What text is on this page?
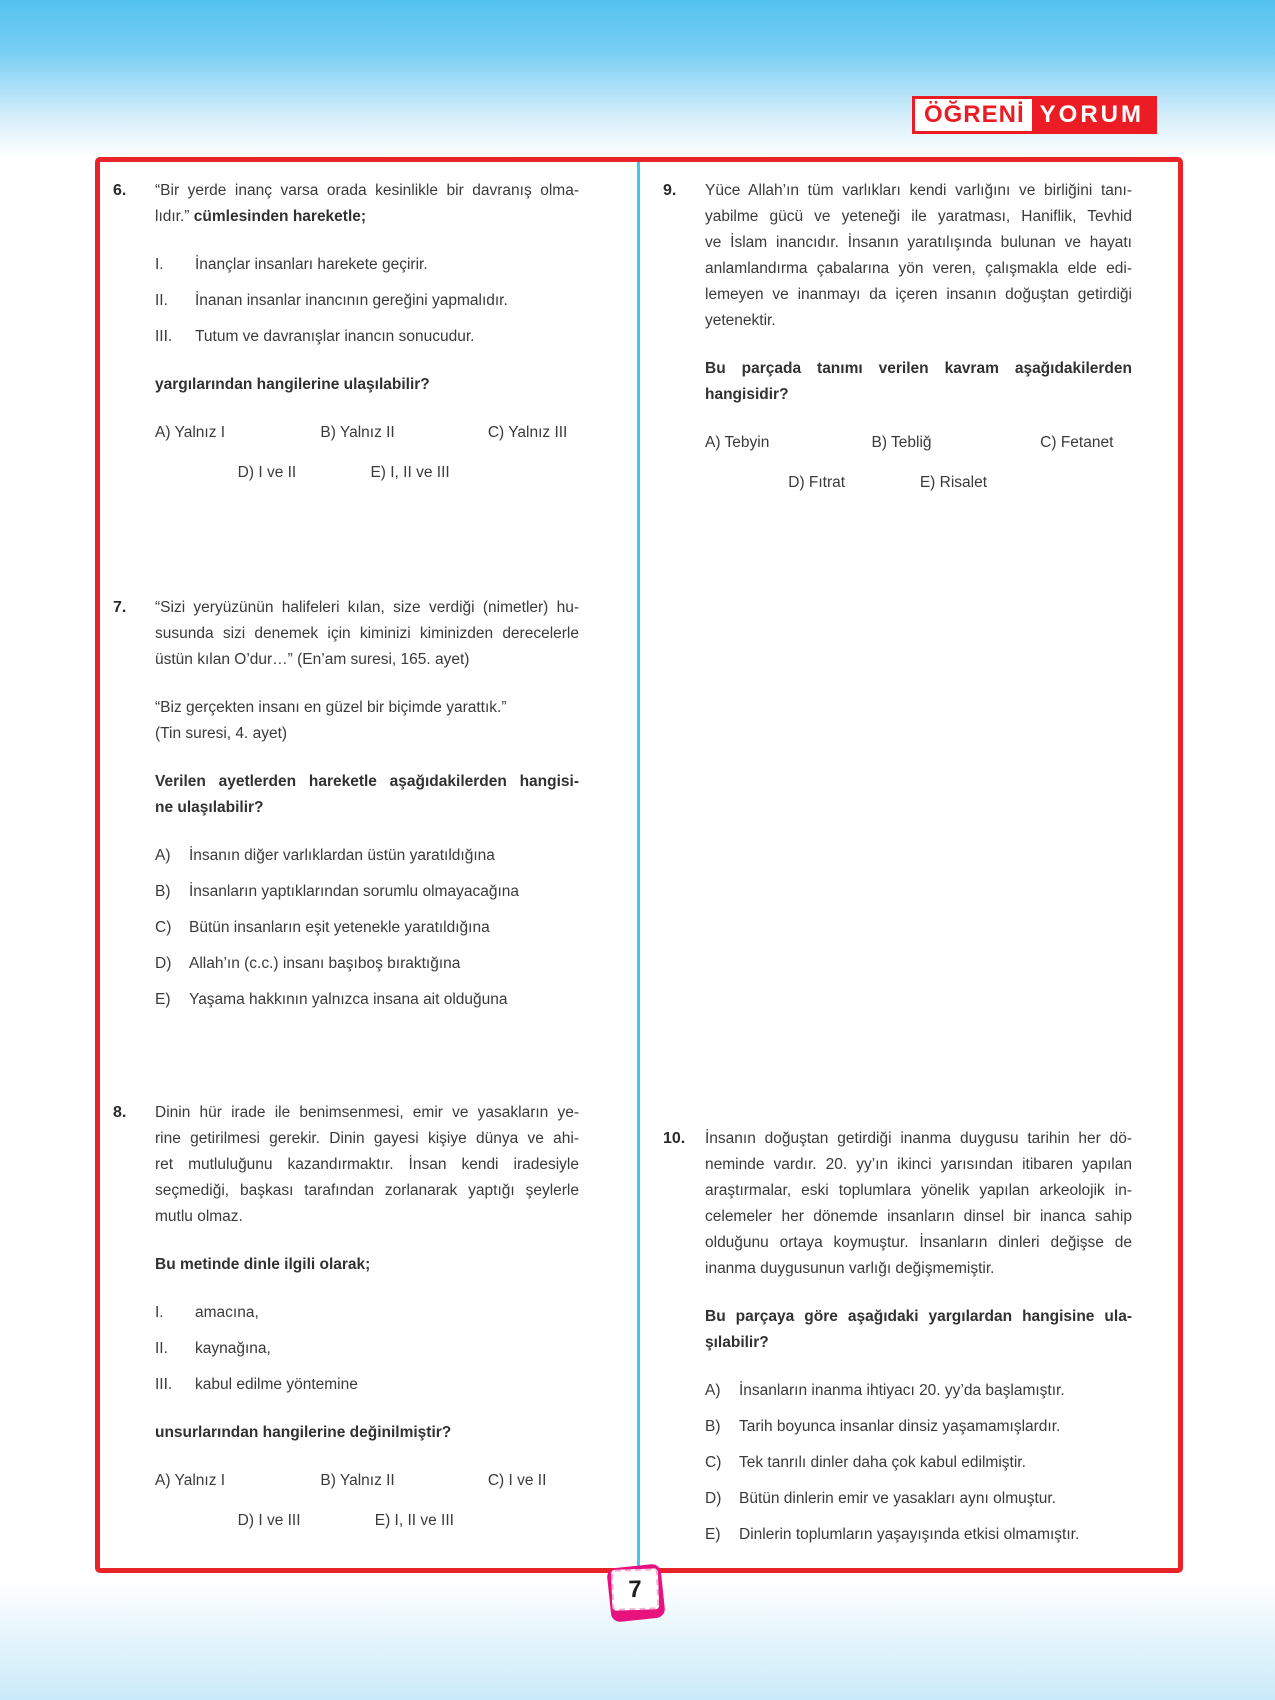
ÖĞRENİ YORUM
6.	“Bir yerde inanç varsa orada kesinlikle bir davranış olma-
lıdır.” cümlesinden hareketle;
I.	İnançlar insanları harekete geçirir.
II.	İnanan insanlar inancının gereğini yapmalıdır.
III.	Tutum ve davranışlar inancın sonucudur.
yargılarından hangilerine ulaşılabilir?
A) Yalnız I	B) Yalnız II	C) Yalnız III
D) I ve II	E) I, II ve III
7.	“Sizi yeryüzünün halifeleri kılan, size verdiği (nimetler) hu-
susunda sizi denemek için kiminizi kiminizden derecelerle
üstün kılan O’dur…” (En’am suresi, 165. ayet)
“Biz gerçekten insanı en güzel bir biçimde yarattık.”
(Tin suresi, 4. ayet)
Verilen ayetlerden hareketle aşağıdakilerden hangisi-
ne ulaşılabilir?
A)	İnsanın diğer varlıklardan üstün yaratıldığına
B)	İnsanların yaptıklarından sorumlu olmayacağına
C)	Bütün insanların eşit yetenekle yaratıldığına
D)	Allah’ın (c.c.) insanı başıboş bıraktığına
E)	Yaşama hakkının yalnızca insana ait olduğuna
8.	Dinin hür irade ile benimsenmesi, emir ve yasakların ye-
rine getirilmesi gerekir. Dinin gayesi kişiye dünya ve ahi-
ret mutluluğunu kazandırmaktır. İnsan kendi iradesiyle
seçmediği, başkası tarafından zorlanarak yaptığı şeylerle
mutlu olmaz.
Bu metinde dinle ilgili olarak;
I.	amacına,
II.	kaynağına,
III.	kabul edilme yöntemine
unsurlarından hangilerine değinilmiştir?
A) Yalnız I	B) Yalnız II	C) I ve II
D) I ve III	E) I, II ve III
9.	Yüce Allah’ın tüm varlıkları kendi varlığını ve birliğini tanı-
yabilme gücü ve yeteneği ile yaratması, Haniflik, Tevhid
ve İslam inancıdır. İnsanın yaratılışında bulunan ve hayatı
anlamlandırma çabalarına yön veren, çalışmakla elde edi-
lemeyen ve inanmayı da içeren insanın doğuştan getirdiği
yetenektir.
Bu parçada tanımı verilen kavram aşağıdakilerden
hangisidir?
A) Tebyin	B) Tebliğ	C) Fetanet
D) Fıtrat	E) Risalet
10.	İnsanın doğuştan getirdiği inanma duygusu tarihin her dö-
neminde vardır. 20. yy’ın ikinci yarısından itibaren yapılan
araştırmalar, eski toplumlara yönelik yapılan arkeolojik in-
celemeler her dönemde insanların dinsel bir inanca sahip
olduğunu ortaya koymuştur. İnsanların dinleri değişse de
inanma duygusunun varlığı değişmemiştir.
Bu parçaya göre aşağıdaki yargılardan hangisine ula-
şılabilir?
A)	İnsanların inanma ihtiyacı 20. yy’da başlamıştır.
B)	Tarih boyunca insanlar dinsiz yaşamamışlardır.
C)	Tek tanrılı dinler daha çok kabul edilmiştir.
D)	Bütün dinlerin emir ve yasakları aynı olmuştur.
E)	Dinlerin toplumların yaşayışında etkisi olmamıştır.
7
